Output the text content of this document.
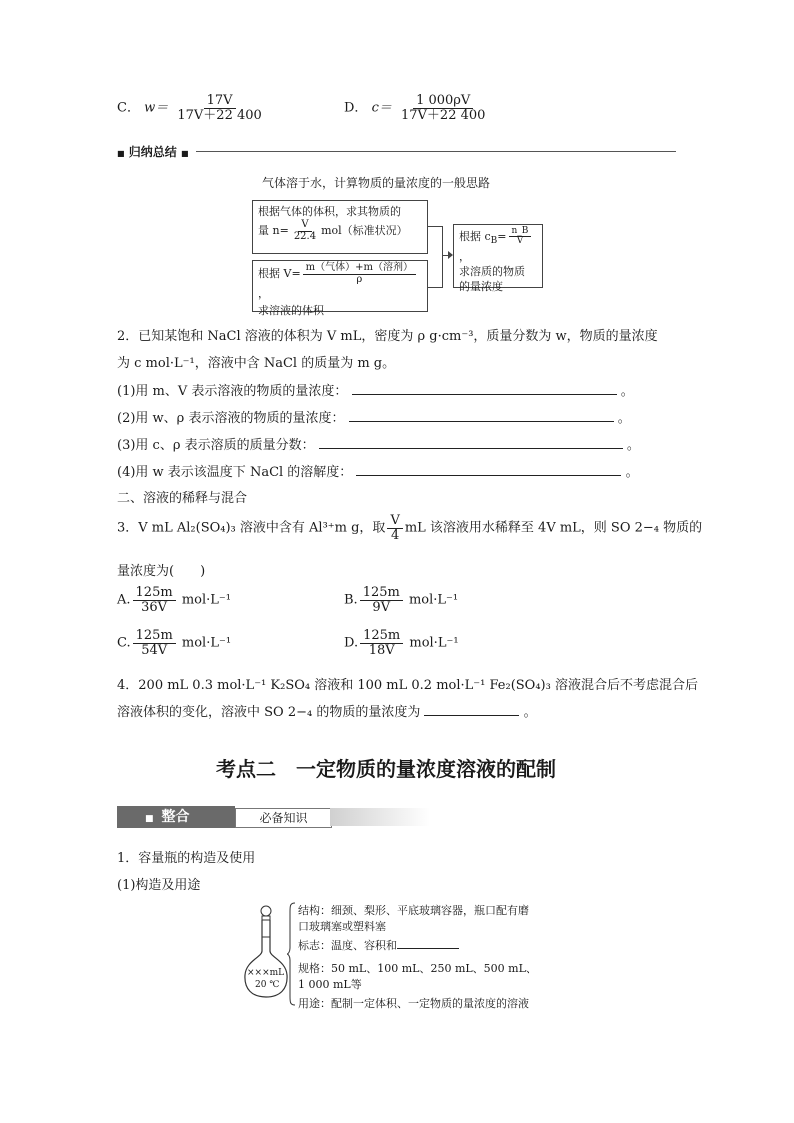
C． $w= \frac{17V}{17V+22 400}$	D． $c= \frac{1 000\rho V}{17V+22 400}$
■ 归纳总结 ■
气体溶于水，计算物质的量浓度的一般思路
根据气体的体积，求其物质的
量 $n= \frac{V}{22.4} mol$（标准状况）
根据 $V= \frac{\text{m（气体）+m（溶剂）}}{\rho}$
，
求溶液的体积
根据 $c_B= \frac{n\_B}{V}$
，
求溶质的物质
的量浓度
2．已知某饱和 NaCl 溶液的体积为 V mL，密度为 ρ g·cm⁻³，质量分数为 w，物质的量浓度
为 c mol·L⁻¹，溶液中含 NaCl 的质量为 m g。
(1)用 m、V 表示溶液的物质的量浓度：	。
(2)用 w、ρ 表示溶液的物质的量浓度：	。
(3)用 c、ρ 表示溶质的质量分数：	。
(4)用 w 表示该温度下 NaCl 的溶解度：	。
二、溶液的稀释与混合
3．V mL Al₂(SO₄)₃ 溶液中含有 Al³⁺m g，取 $\frac{V}{4}$ mL 该溶液用水稀释至 4V mL，则 SO 2−₄ 物质的
量浓度为(　　)
A. $\frac{125m}{36V} mol\cdot L^{-1}$	B. $\frac{125m}{9V} mol\cdot L^{-1}$
C. $\frac{125m}{54V} mol\cdot L^{-1}$	D. $\frac{125m}{18V} mol\cdot L^{-1}$
4．200 mL 0.3 mol·L⁻¹ K₂SO₄ 溶液和 100 mL 0.2 mol·L⁻¹ Fe₂(SO₄)₃ 溶液混合后不考虑混合后
溶液体积的变化，溶液中 SO 2−₄ 的物质的量浓度为	。
考点二　一定物质的量浓度溶液的配制
■ 整合	必备知识
1．容量瓶的构造及使用
(1)构造及用途
×××mL
20 ℃
结构：细颈、梨形、平底玻璃容器，瓶口配有磨
口玻璃塞或塑料塞
标志：温度、容积和
规格：50 mL、100 mL、250 mL、500 mL、
1 000 mL等
用途：配制一定体积、一定物质的量浓度的溶液
